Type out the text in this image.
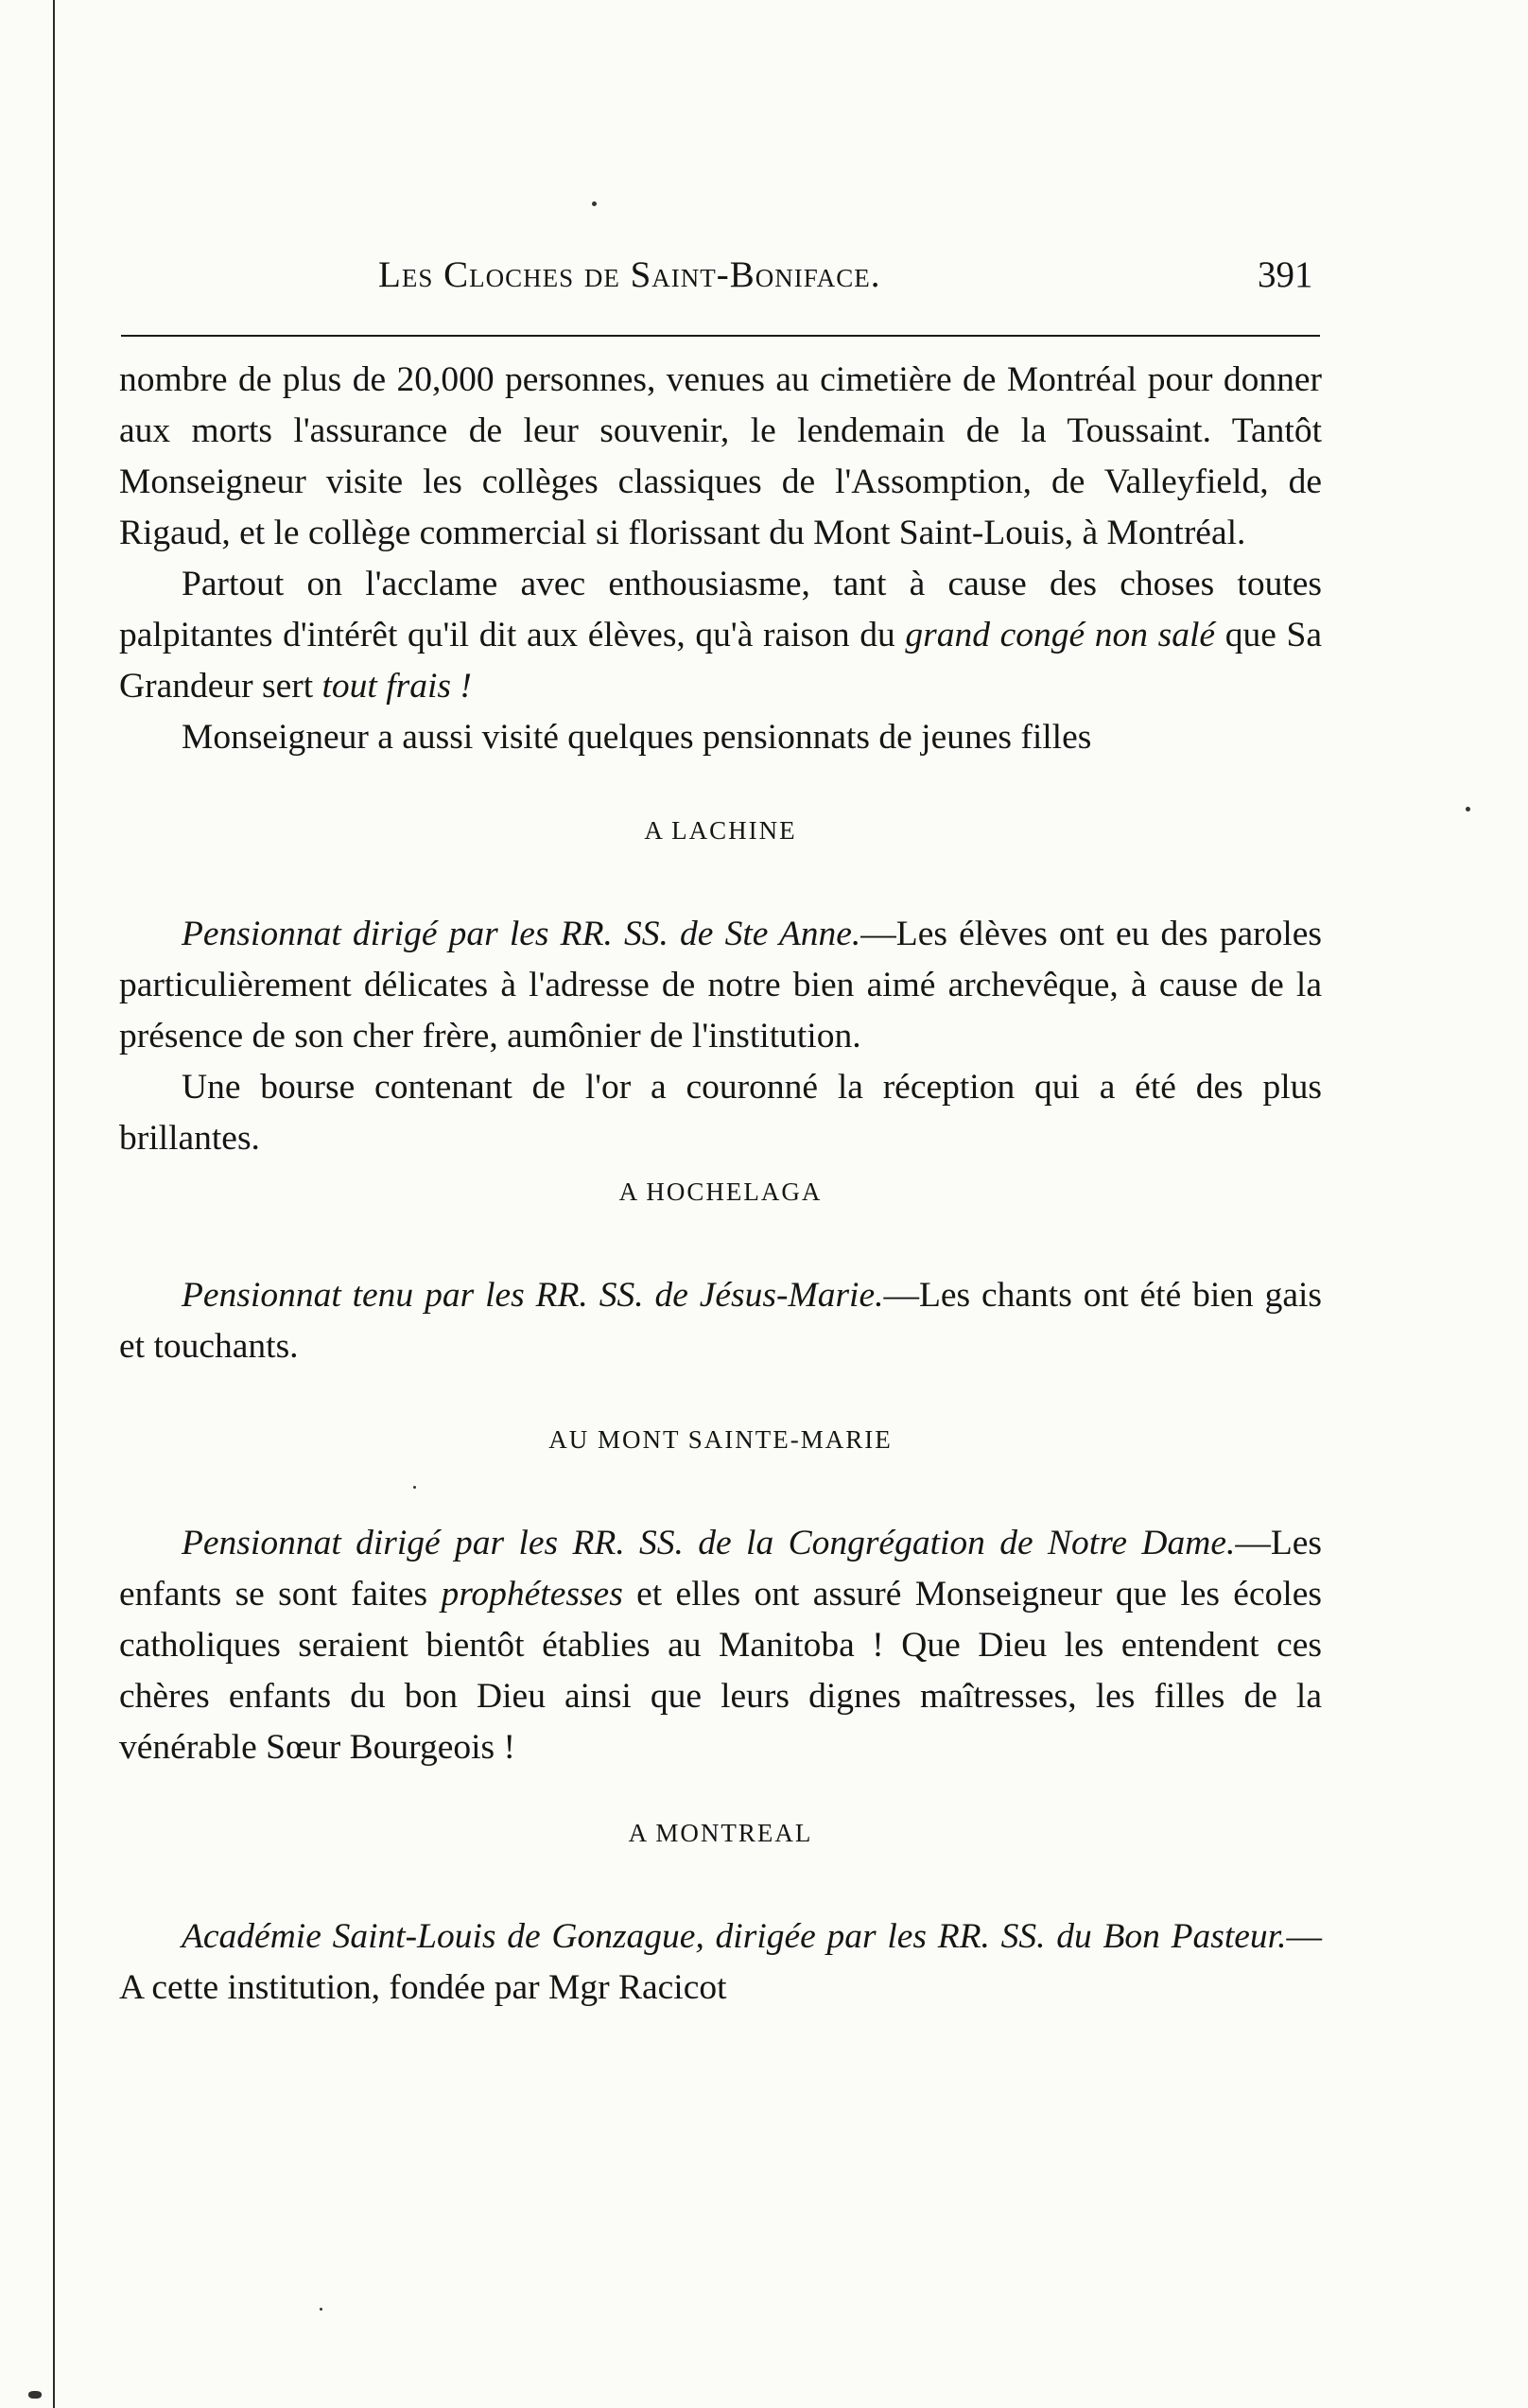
Les Cloches de Saint-Boniface.	391

nombre de plus de 20,000 personnes, venues au cimetière de Montréal pour donner aux morts l'assurance de leur souvenir, le lendemain de la Toussaint. Tantôt Monseigneur visite les collèges classiques de l'Assomption, de Valleyfield, de Rigaud, et le collège commercial si florissant du Mont Saint-Louis, à Montréal.

Partout on l'acclame avec enthousiasme, tant à cause des choses toutes palpitantes d'intérêt qu'il dit aux élèves, qu'à raison du grand congé non salé que Sa Grandeur sert tout frais !

Monseigneur a aussi visité quelques pensionnats de jeunes filles

A LACHINE

Pensionnat dirigé par les RR. SS. de Ste Anne.—Les élèves ont eu des paroles particulièrement délicates à l'adresse de notre bien aimé archevêque, à cause de la présence de son cher frère, aumônier de l'institution.

Une bourse contenant de l'or a couronné la réception qui a été des plus brillantes.

A HOCHELAGA

Pensionnat tenu par les RR. SS. de Jésus-Marie.—Les chants ont été bien gais et touchants.

AU MONT SAINTE-MARIE

Pensionnat dirigé par les RR. SS. de la Congrégation de Notre Dame.—Les enfants se sont faites prophétesses et elles ont assuré Monseigneur que les écoles catholiques seraient bientôt établies au Manitoba ! Que Dieu les entendent ces chères enfants du bon Dieu ainsi que leurs dignes maîtresses, les filles de la vénérable Sœur Bourgeois !

A MONTREAL

Académie Saint-Louis de Gonzague, dirigée par les RR. SS. du Bon Pasteur.—A cette institution, fondée par Mgr Racicot
